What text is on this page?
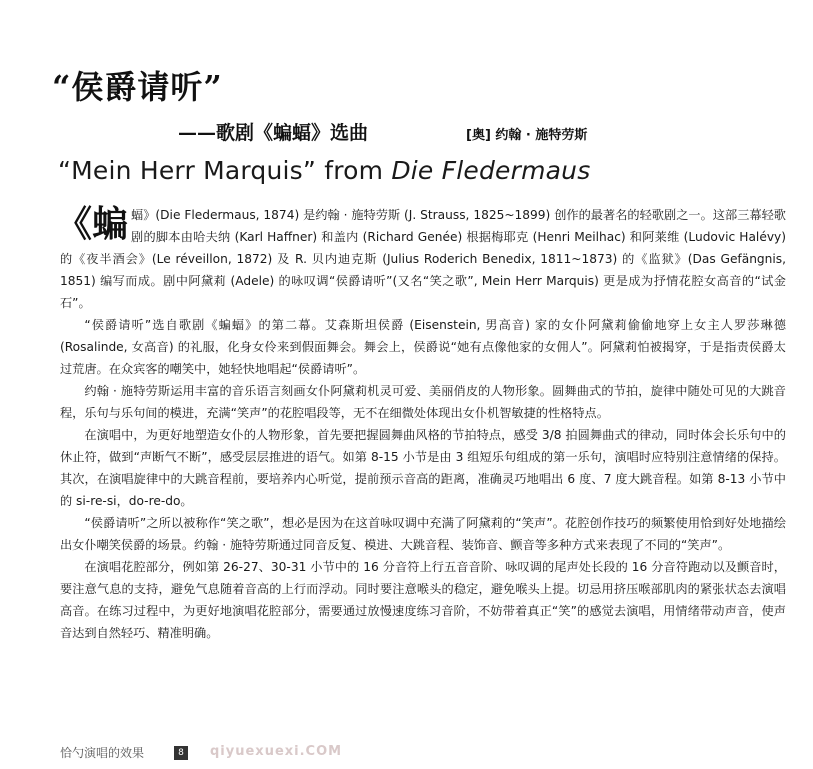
“侯爵请听”
——歌剧《蝙蝠》选曲	[奥] 约翰 · 施特劳斯
“Mein Herr Marquis” from Die Fledermaus

《蝙蝠》(Die Fledermaus, 1874) 是约翰 · 施特劳斯 (J. Strauss, 1825~1899) 创作的最著名的轻歌剧之一。这部三幕轻歌剧的脚本由哈夫纳 (Karl Haffner) 和盖内 (Richard Genée) 根据梅耶克 (Henri Meilhac) 和阿莱维 (Ludovic Halévy) 的《夜半酒会》(Le réveillon, 1872) 及 R. 贝内迪克斯 (Julius Roderich Benedix, 1811~1873) 的《监狱》(Das Gefängnis, 1851) 编写而成。剧中阿黛莉 (Adele) 的咏叹调“侯爵请听”(又名“笑之歌”, Mein Herr Marquis) 更是成为抒情花腔女高音的“试金石”。

“侯爵请听”选自歌剧《蝙蝠》的第二幕。艾森斯坦侯爵 (Eisenstein, 男高音) 家的女仆阿黛莉偷偷地穿上女主人罗莎琳德 (Rosalinde, 女高音) 的礼服，化身女伶来到假面舞会。舞会上，侯爵说“她有点像他家的女佣人”。阿黛莉怕被揭穿，于是指责侯爵太过荒唐。在众宾客的嘲笑中，她轻快地唱起“侯爵请听”。

约翰 · 施特劳斯运用丰富的音乐语言刻画女仆阿黛莉机灵可爱、美丽俏皮的人物形象。圆舞曲式的节拍，旋律中随处可见的大跳音程，乐句与乐句间的模进，充满“笑声”的花腔唱段等，无不在细微处体现出女仆机智敏捷的性格特点。

在演唱中，为更好地塑造女仆的人物形象，首先要把握圆舞曲风格的节拍特点，感受 3/8 拍圆舞曲式的律动，同时体会长乐句中的休止符，做到“声断气不断”，感受层层推进的语气。如第 8-15 小节是由 3 组短乐句组成的第一乐句，演唱时应特别注意情绪的保持。其次，在演唱旋律中的大跳音程前，要培养内心听觉，提前预示音高的距离，准确灵巧地唱出 6 度、7 度大跳音程。如第 8-13 小节中的 si-re-si，do-re-do。

“侯爵请听”之所以被称作“笑之歌”，想必是因为在这首咏叹调中充满了阿黛莉的“笑声”。花腔创作技巧的频繁使用恰到好处地描绘出女仆嘲笑侯爵的场景。约翰 · 施特劳斯通过同音反复、模进、大跳音程、装饰音、颤音等多种方式来表现了不同的“笑声”。

在演唱花腔部分，例如第 26-27、30-31 小节中的 16 分音符上行五音音阶、咏叹调的尾声处长段的 16 分音符跑动以及颤音时，要注意气息的支持，避免气息随着音高的上行而浮动。同时要注意喉头的稳定，避免喉头上提。切忌用挤压喉部肌肉的紧张状态去演唱高音。在练习过程中，为更好地演唱花腔部分，需要通过放慢速度练习音阶，不妨带着真正“笑”的感觉去演唱，用情绪带动声音，使声音达到自然轻巧、精准明确。

恰勺演唱的效果	8	qiyuexuexi.COM
